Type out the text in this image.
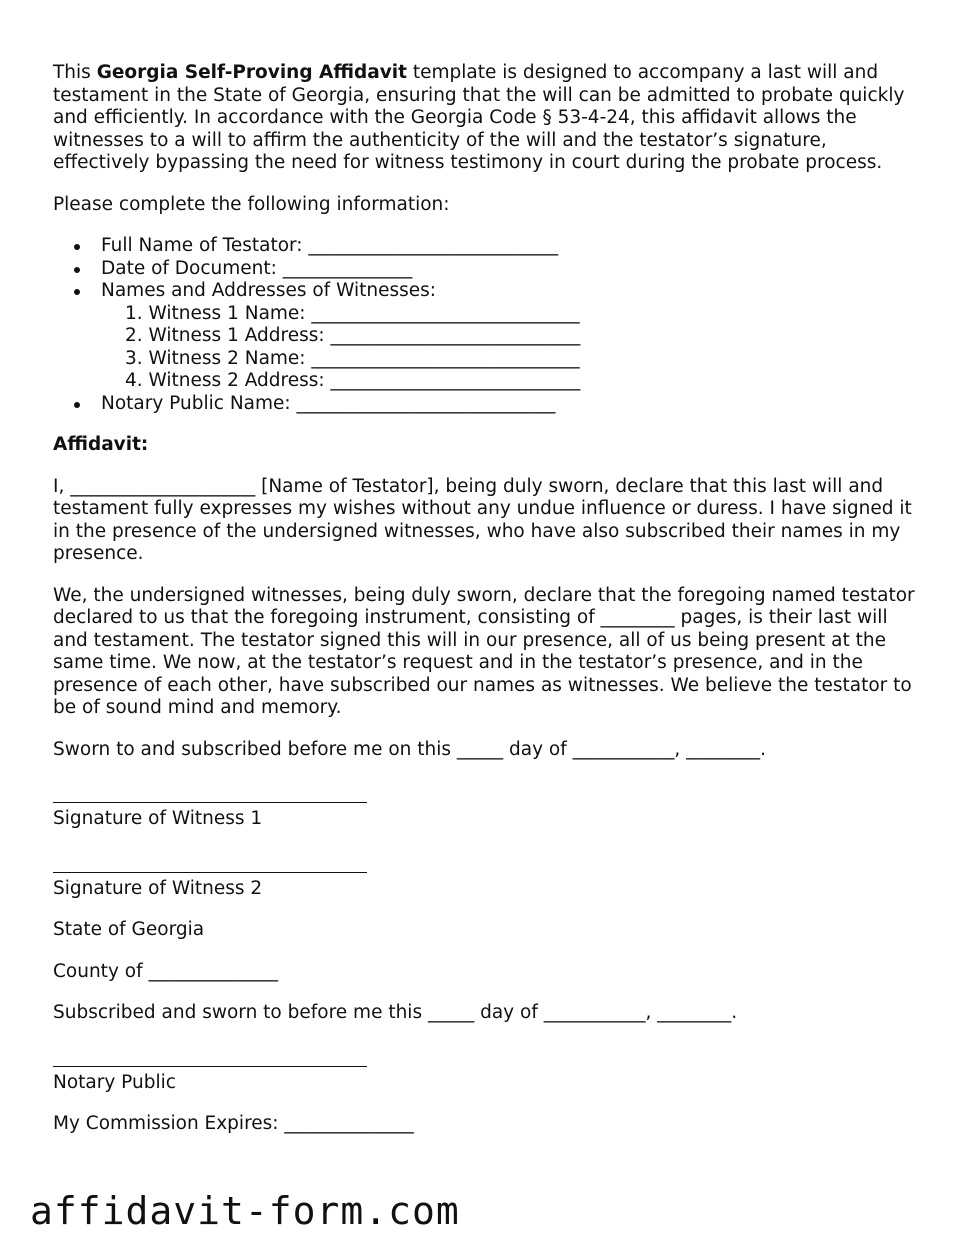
This Georgia Self-Proving Affidavit template is designed to accompany a last will and testament in the State of Georgia, ensuring that the will can be admitted to probate quickly and efficiently. In accordance with the Georgia Code § 53-4-24, this affidavit allows the witnesses to a will to affirm the authenticity of the will and the testator’s signature, effectively bypassing the need for witness testimony in court during the probate process.

Please complete the following information:

Full Name of Testator: ___________________________
Date of Document: ______________
Names and Addresses of Witnesses:
1. Witness 1 Name: _____________________________
2. Witness 1 Address: ___________________________
3. Witness 2 Name: _____________________________
4. Witness 2 Address: ___________________________
Notary Public Name: ____________________________

Affidavit:

I, ____________________ [Name of Testator], being duly sworn, declare that this last will and testament fully expresses my wishes without any undue influence or duress. I have signed it in the presence of the undersigned witnesses, who have also subscribed their names in my presence.

We, the undersigned witnesses, being duly sworn, declare that the foregoing named testator declared to us that the foregoing instrument, consisting of ________ pages, is their last will and testament. The testator signed this will in our presence, all of us being present at the same time. We now, at the testator’s request and in the testator’s presence, and in the presence of each other, have subscribed our names as witnesses. We believe the testator to be of sound mind and memory.

Sworn to and subscribed before me on this _____ day of ___________, ________.

Signature of Witness 1
Signature of Witness 2

State of Georgia

County of ______________

Subscribed and sworn to before me this _____ day of ___________, ________.

Notary Public

My Commission Expires: ______________

affidavit-form.com
